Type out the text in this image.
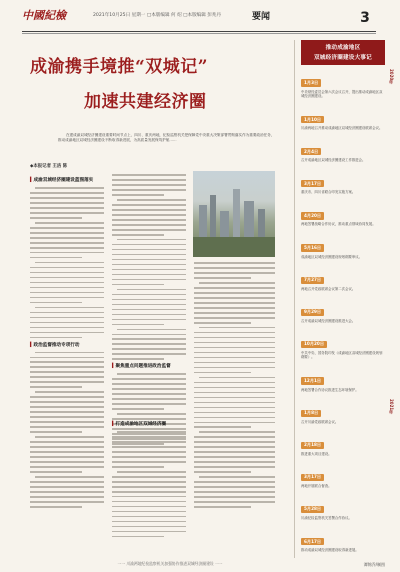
中國紀檢	2021年10月25日 星期一 □本版编辑 何 绍 □本版编辑 彭兆丹	要闻	3
成渝携手境推“双城记”
加速共建经济圈
在建成渝双城经济圈建设重要时间节点上，四川、重庆两地，纪检监察机关把保障党中央重大决策部署贯彻落实作为重要政治任务，推动成渝地区双城经济圈建设不断取得新进展，为高质量发展保驾护航……
◆本报记者 王洁 陈
▍成渝双城经济圈建设蓝图落实
▍政治监督推动专项行动
▍聚焦重点问题推进政治监督
▍打造成渝地区双城经济圈
一一 川渝两地纪检监察机关加强协作推进双城经济圈建设 一一
推动成渝地区
双城经济圈建设大事记
2020年
1月3日
中央财经委员会第六次会议召开，提出推动成渝地区双城经济圈建设。
1月10日
川渝两地召开推动成渝地区双城经济圈建设联席会议。
2月4日
召开成渝地区双城经济圈建设工作推进会。
3月17日
重庆市、四川省联合印发实施方案。
4月20日
两地签署战略合作协议，推动重点领域协同发展。
5月16日
成渝地区双城经济圈建设规划纲要审议。
7月27日
两地召开党政联席会议第二次会议。
9月29日
召开成渝双城经济圈建设推进大会。
10月20日
中共中央、国务院印发《成渝地区双城经济圈建设规划纲要》。
12月1日
两地签署合作协议推进生态环境保护。
2021年
1月8日
召开川渝党政联席会议。
2月18日
推进重大项目建设。
3月17日
两地开展联合督查。
5月28日
川渝纪检监察机关签署合作协议。
6月17日
推动成渝双城经济圈建设取得新进展。
谭锦乔/制图
